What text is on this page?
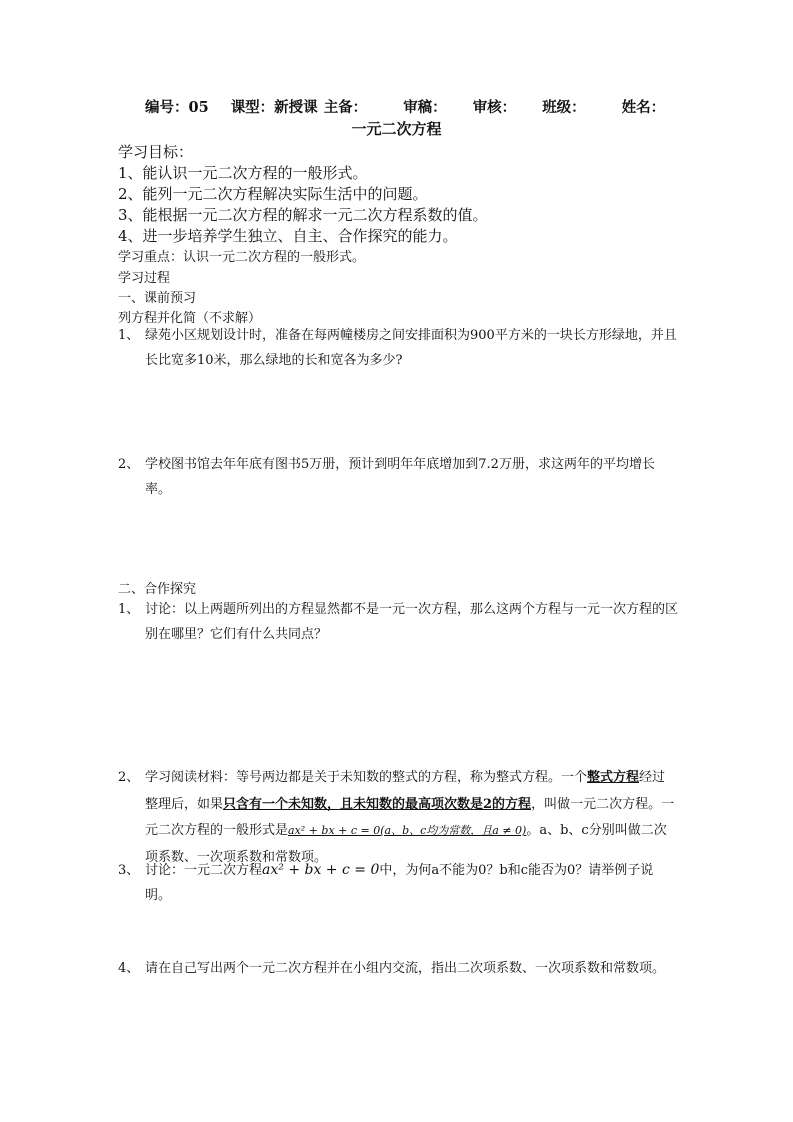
编号：05 课型：新授课 主备： 审稿： 审核： 班级： 姓名：
一元二次方程
学习目标：
1、能认识一元二次方程的一般形式。
2、能列一元二次方程解决实际生活中的问题。
3、能根据一元二次方程的解求一元二次方程系数的值。
4、进一步培养学生独立、自主、合作探究的能力。
学习重点：认识一元二次方程的一般形式。
学习过程
一、课前预习
列方程并化简（不求解）
1、 绿苑小区规划设计时，准备在每两幢楼房之间安排面积为900平方米的一块长方形绿地，并且长比宽多10米，那么绿地的长和宽各为多少?
2、 学校图书馆去年年底有图书5万册，预计到明年年底增加到7.2万册，求这两年的平均增长率。
二、合作探究
1、 讨论：以上两题所列出的方程显然都不是一元一次方程，那么这两个方程与一元一次方程的区别在哪里？它们有什么共同点？
2、 学习阅读材料：等号两边都是关于未知数的整式的方程，称为整式方程。一个整式方程经过整理后，如果只含有一个未知数，且未知数的最高项次数是2的方程，叫做一元二次方程。一元二次方程的一般形式是ax² + bx + c = 0(a、b、c均为常数，且a ≠ 0)。a、b、c分别叫做二次项系数、一次项系数和常数项。
3、 讨论：一元二次方程ax² + bx + c = 0中，为何a不能为0？b和c能否为0？请举例子说明。
4、 请在自己写出两个一元二次方程并在小组内交流，指出二次项系数、一次项系数和常数项。
